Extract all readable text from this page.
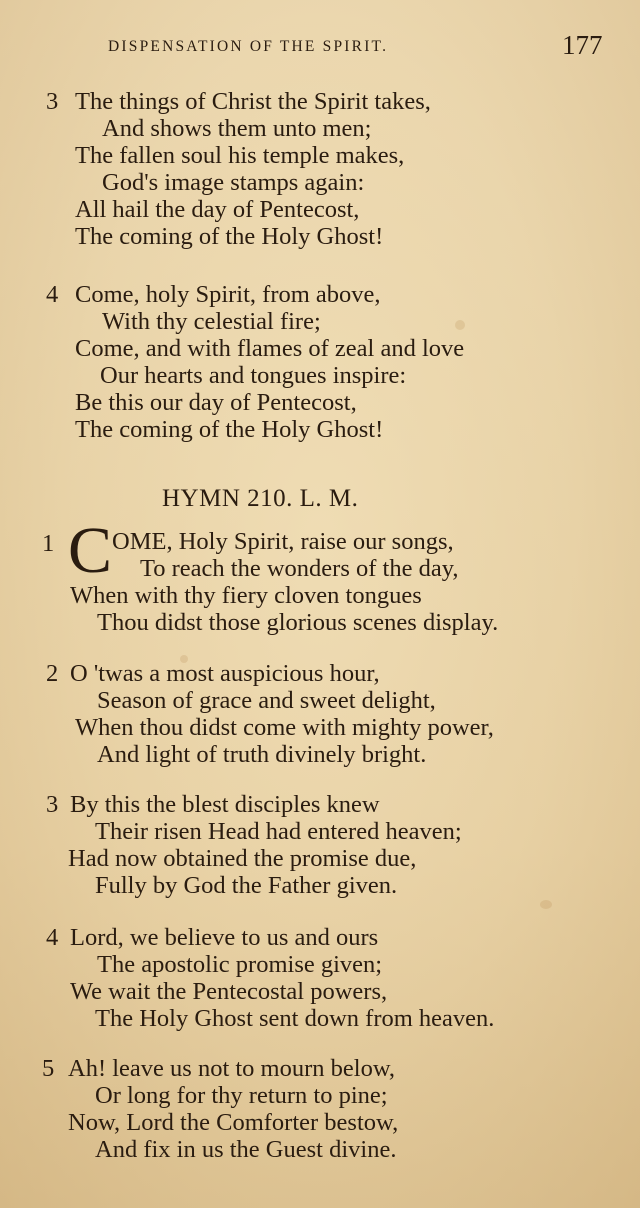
DISPENSATION OF THE SPIRIT.	177
3 The things of Christ the Spirit takes,
And shows them unto men;
The fallen soul his temple makes,
God's image stamps again:
All hail the day of Pentecost,
The coming of the Holy Ghost!
4 Come, holy Spirit, from above,
With thy celestial fire;
Come, and with flames of zeal and love
Our hearts and tongues inspire:
Be this our day of Pentecost,
The coming of the Holy Ghost!
HYMN 210. L. M.
1 C OME, Holy Spirit, raise our songs,
To reach the wonders of the day,
When with thy fiery cloven tongues
Thou didst those glorious scenes display.
2 O 'twas a most auspicious hour,
Season of grace and sweet delight,
When thou didst come with mighty power,
And light of truth divinely bright.
3 By this the blest disciples knew
Their risen Head had entered heaven;
Had now obtained the promise due,
Fully by God the Father given.
4 Lord, we believe to us and ours
The apostolic promise given;
We wait the Pentecostal powers,
The Holy Ghost sent down from heaven.
5 Ah! leave us not to mourn below,
Or long for thy return to pine;
Now, Lord the Comforter bestow,
And fix in us the Guest divine.
